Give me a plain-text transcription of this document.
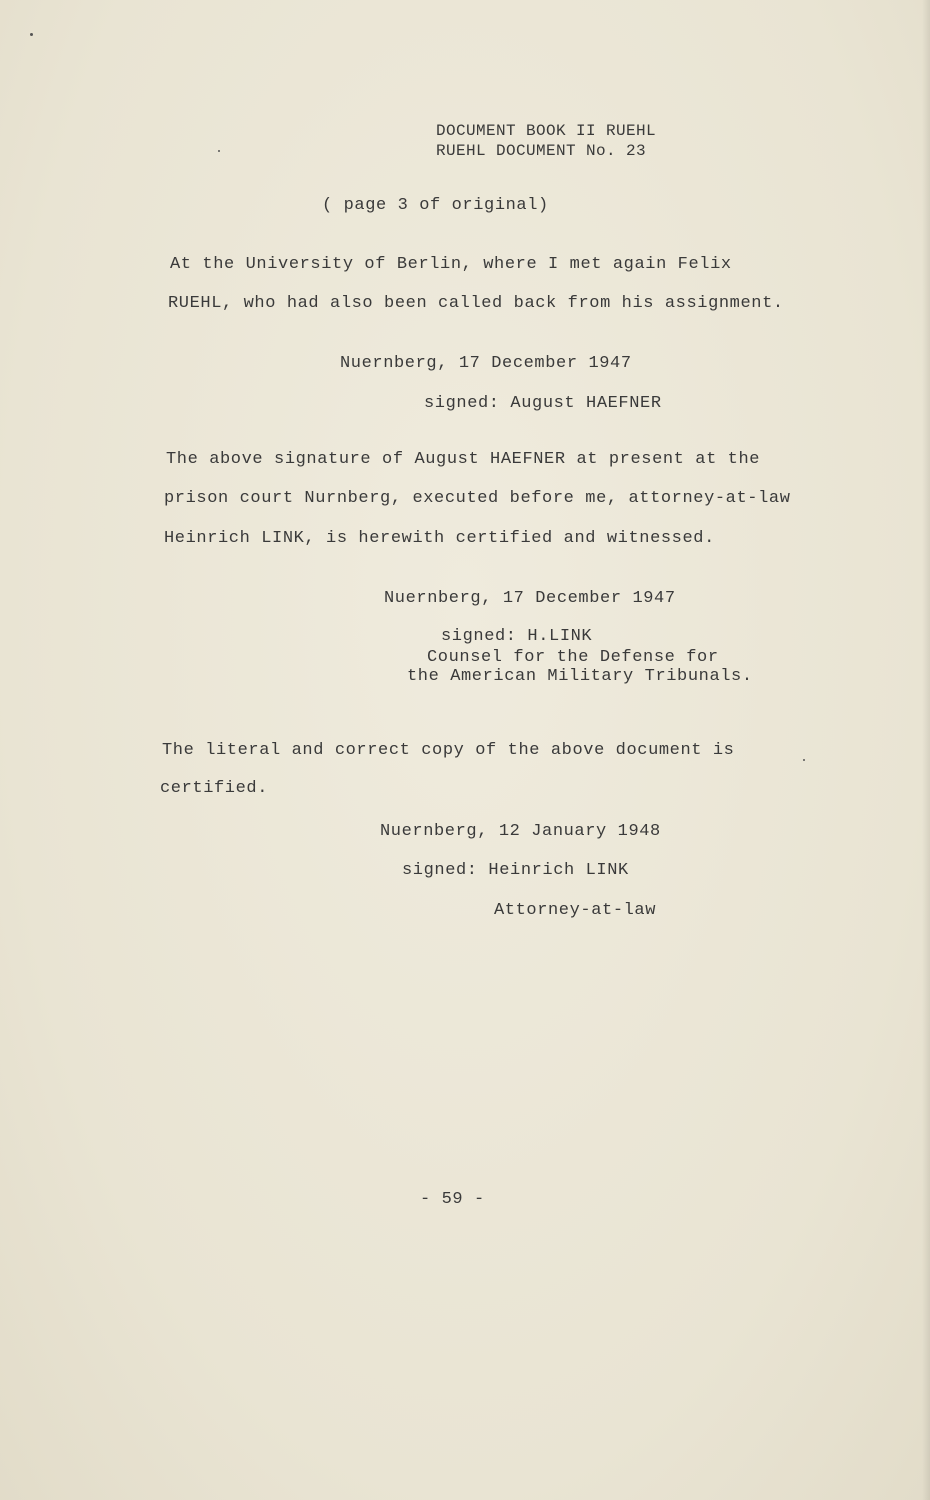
DOCUMENT BOOK II RUEHL
RUEHL DOCUMENT No. 23
( page 3 of original)
At the University of Berlin, where I met again Felix
RUEHL, who had also been called back from his assignment.
Nuernberg, 17 December 1947
signed: August HAEFNER
The above signature of August HAEFNER at present at the
prison court Nurnberg, executed before me, attorney-at-law
Heinrich LINK, is herewith certified and witnessed.
Nuernberg, 17 December 1947
signed: H.LINK
Counsel for the Defense for
the American Military Tribunals.
The literal and correct copy of the above document is
certified.
Nuernberg, 12 January 1948
signed: Heinrich LINK
Attorney-at-law
- 59 -
